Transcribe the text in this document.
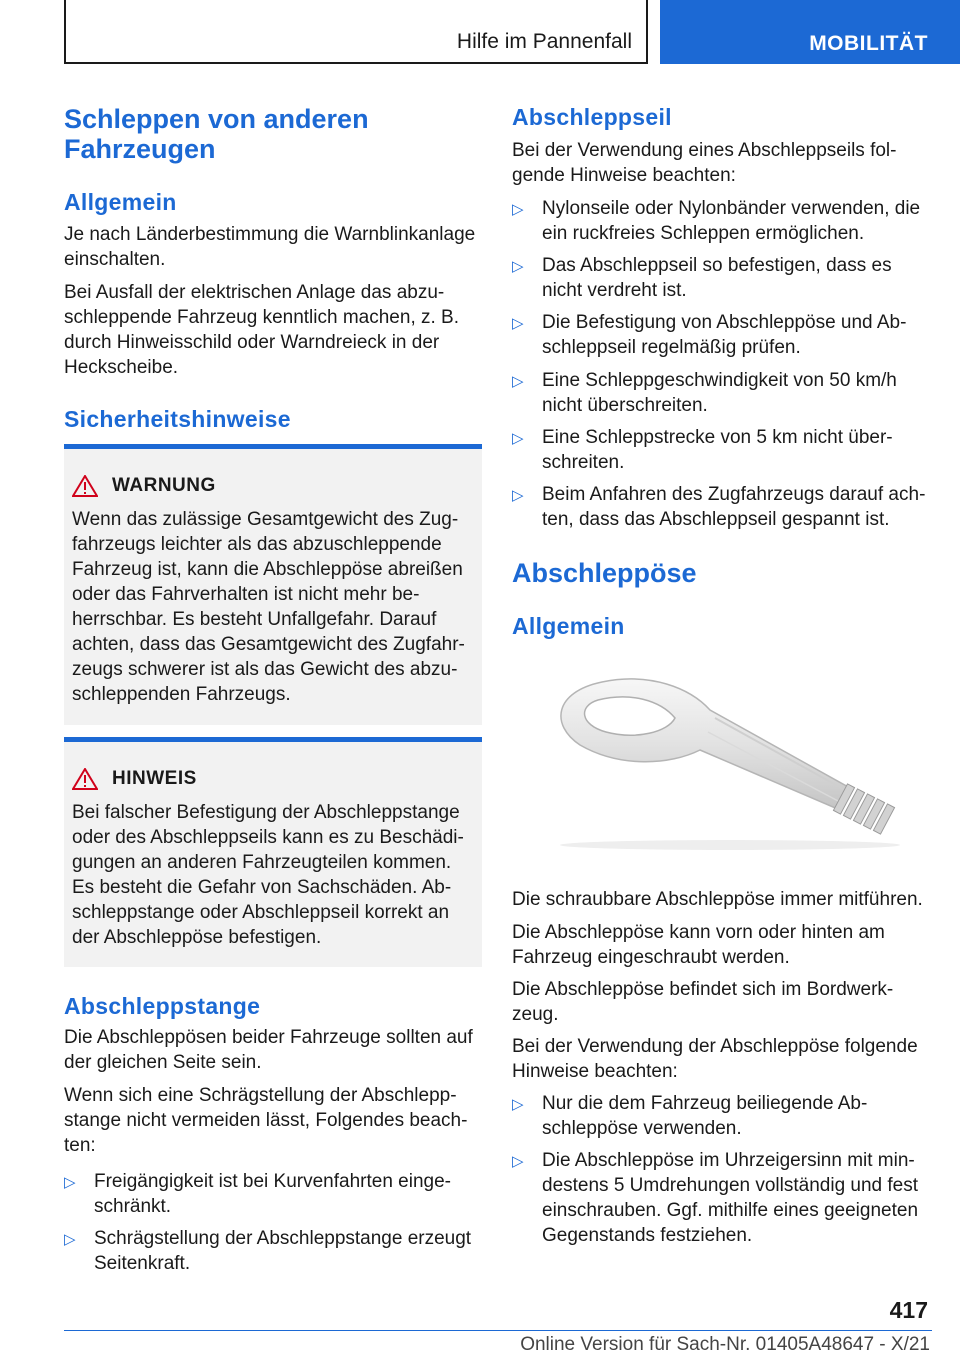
Hilfe im Pannenfall	MOBILITÄT
Schleppen von anderen Fahrzeugen
Allgemein

Je nach Länderbestimmung die Warnblinkanlage einschalten.

Bei Ausfall der elektrischen Anlage das abzu-schleppende Fahrzeug kenntlich machen, z. B. durch Hinweisschild oder Warndreieck in der Heckscheibe.

Sicherheitshinweise
WARNUNG
Wenn das zulässige Gesamtgewicht des Zug-fahrzeugs leichter als das abzuschleppende Fahrzeug ist, kann die Abschleppöse abreißen oder das Fahrverhalten ist nicht mehr be-herrschbar. Es besteht Unfallgefahr. Darauf achten, dass das Gesamtgewicht des Zugfahr-zeugs schwerer ist als das Gewicht des abzu-schleppenden Fahrzeugs.
HINWEIS
Bei falscher Befestigung der Abschleppstange oder des Abschleppseils kann es zu Beschädi-gungen an anderen Fahrzeugteilen kommen. Es besteht die Gefahr von Sachschäden. Ab-schleppstange oder Abschleppseil korrekt an der Abschleppöse befestigen.
Abschleppstange

Die Abschleppösen beider Fahrzeuge sollten auf der gleichen Seite sein.

Wenn sich eine Schrägstellung der Abschlepp-stange nicht vermeiden lässt, Folgendes beach-ten:

▷ Freigängigkeit ist bei Kurvenfahrten einge-schränkt.
▷ Schrägstellung der Abschleppstange erzeugt Seitenkraft.
Abschleppseil

Bei der Verwendung eines Abschleppseils fol-gende Hinweise beachten:

▷ Nylonseile oder Nylonbänder verwenden, die ein ruckfreies Schleppen ermöglichen.
▷ Das Abschleppseil so befestigen, dass es nicht verdreht ist.
▷ Die Befestigung von Abschleppöse und Ab-schleppseil regelmäßig prüfen.
▷ Eine Schleppgeschwindigkeit von 50 km/h nicht überschreiten.
▷ Eine Schleppstrecke von 5 km nicht über-schreiten.
▷ Beim Anfahren des Zugfahrzeugs darauf ach-ten, dass das Abschleppseil gespannt ist.
Abschleppöse
Allgemein

Die schraubbare Abschleppöse immer mitführen.

Die Abschleppöse kann vorn oder hinten am Fahrzeug eingeschraubt werden.

Die Abschleppöse befindet sich im Bordwerk-zeug.

Bei der Verwendung der Abschleppöse folgende Hinweise beachten:

▷ Nur die dem Fahrzeug beiliegende Ab-schleppöse verwenden.
▷ Die Abschleppöse im Uhrzeigersinn mit min-destens 5 Umdrehungen vollständig und fest einschrauben. Ggf. mithilfe eines geeigneten Gegenstands festziehen.
417
Online Version für Sach-Nr. 01405A48647 - X/21
